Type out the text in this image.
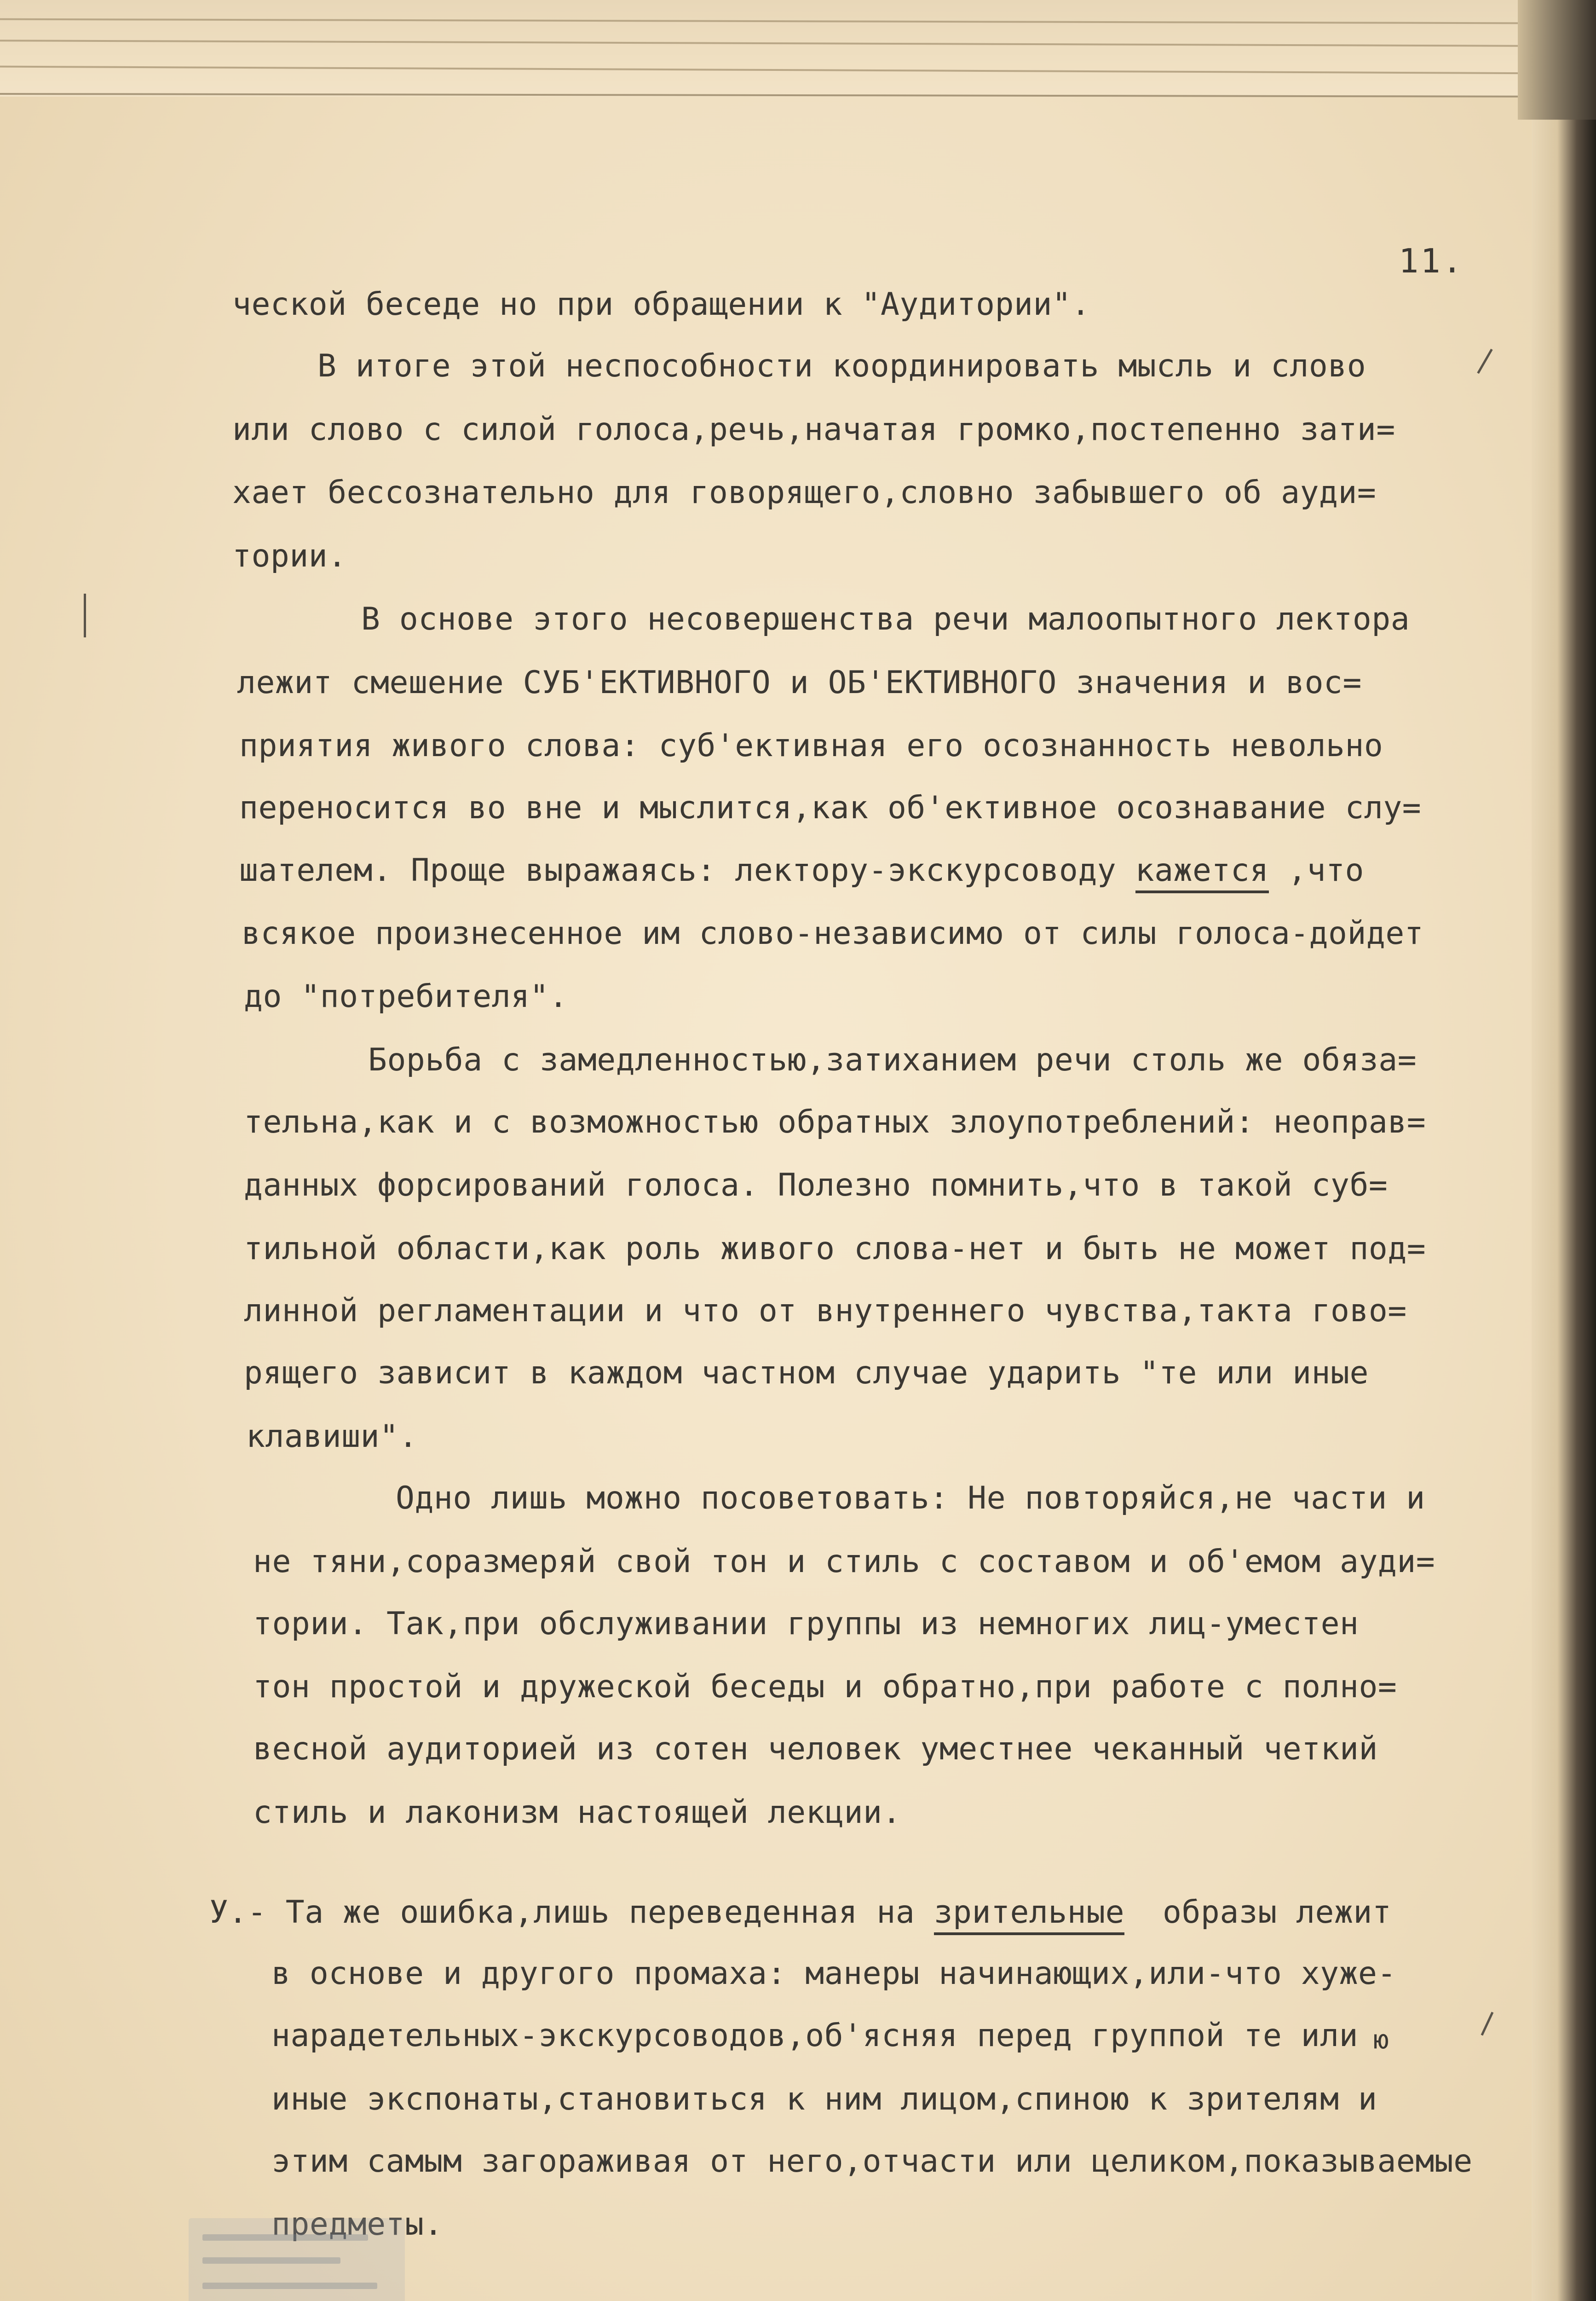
11.
ческой беседе но при обращении к "Аудитории".
В итоге этой неспособности координировать мысль и слово
или слово с силой голоса,речь,начатая громко,постепенно зати=
хает бессознательно для говорящего,словно забывшего об ауди=
тории.
В основе этого несовершенства речи малоопытного лектора
лежит смешение СУБ'ЕКТИВНОГО и ОБ'ЕКТИВНОГО значения и вос=
приятия живого слова: суб'ективная его осознанность невольно
переносится во вне и мыслится,как об'ективное осознавание слу=
шателем. Проще выражаясь: лектору-экскурсоводу кажется ,что
всякое произнесенное им слово-независимо от силы голоса-дойдет
до "потребителя".
Борьба с замедленностью,затиханием речи столь же обяза=
тельна,как и с возможностью обратных злоупотреблений: неоправ=
данных форсирований голоса. Полезно помнить,что в такой суб=
тильной области,как роль живого слова-нет и быть не может под=
линной регламентации и что от внутреннего чувства,такта гово=
рящего зависит в каждом частном случае ударить "те или иные
клавиши".
Одно лишь можно посоветовать: Не повторяйся,не части и
не тяни,соразмеряй свой тон и стиль с составом и об'емом ауди=
тории. Так,при обслуживании группы из немногих лиц-уместен
тон простой и дружеской беседы и обратно,при работе с полно=
весной аудиторией из сотен человек уместнее чеканный четкий
стиль и лаконизм настоящей лекции.
У.- Та же ошибка,лишь переведенная на зрительные  образы лежит
в основе и другого промаха: манеры начинающих,или-что хуже-
нарадетельных-экскурсоводов,об'ясняя перед группой те или ю
иные экспонаты,становиться к ним лицом,спиною к зрителям и
этим самым загораживая от него,отчасти или целиком,показываемые
предметы.
